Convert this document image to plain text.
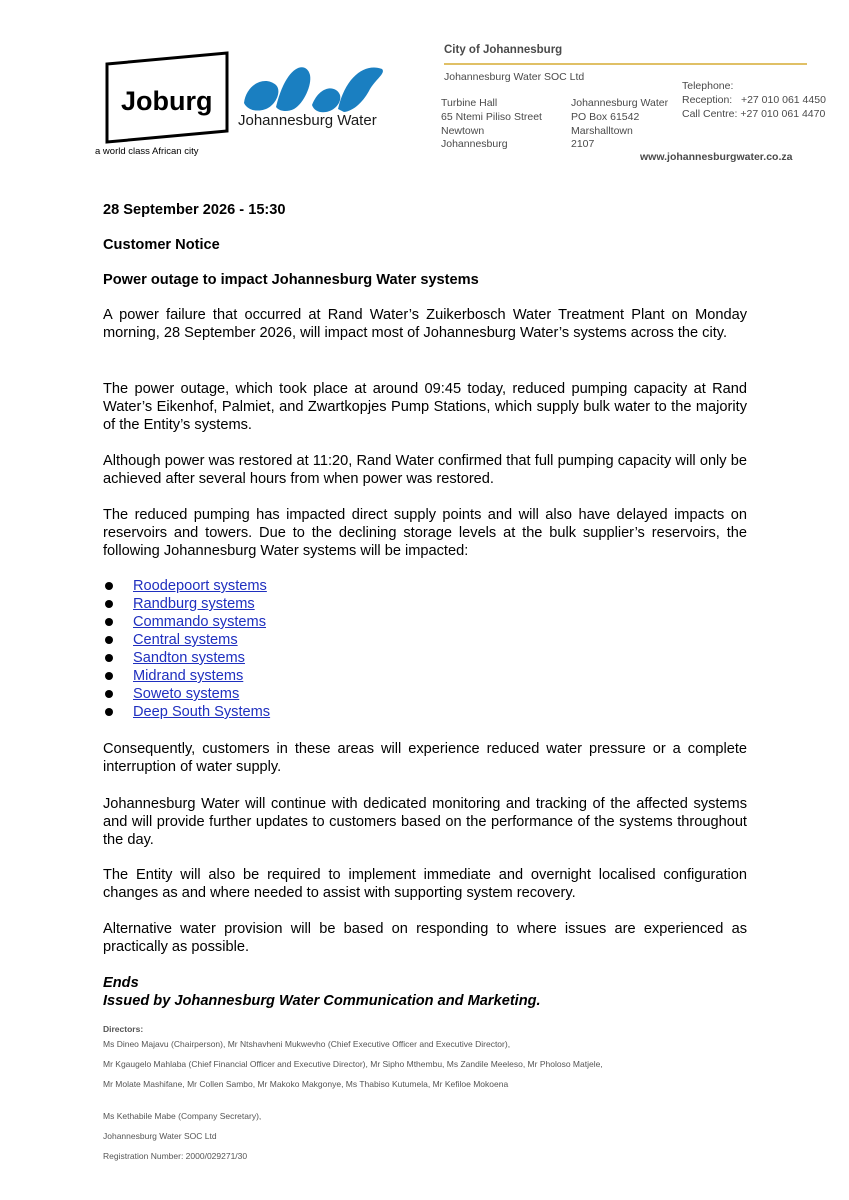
Joburg
a world class African city
Johannesburg Water
City of Johannesburg
Johannesburg Water SOC Ltd
Turbine Hall
65 Ntemi Piliso Street
Newtown
Johannesburg
Johannesburg Water
PO Box 61542
Marshalltown
2107
Telephone:
Reception:   +27 010 061 4450
Call Centre: +27 010 061 4470
www.johannesburgwater.co.za
28 September 2026 - 15:30
Customer Notice
Power outage to impact Johannesburg Water systems
A power failure that occurred at Rand Water’s Zuikerbosch Water Treatment Plant on Monday morning, 28 September 2026, will impact most of Johannesburg Water’s systems across the city.
The power outage, which took place at around 09:45 today, reduced pumping capacity at Rand Water’s Eikenhof, Palmiet, and Zwartkopjes Pump Stations, which supply bulk water to the majority of the Entity’s systems.
Although power was restored at 11:20, Rand Water confirmed that full pumping capacity will only be achieved after several hours from when power was restored.
The reduced pumping has impacted direct supply points and will also have delayed impacts on reservoirs and towers. Due to the declining storage levels at the bulk supplier’s reservoirs, the following Johannesburg Water systems will be impacted:
Roodepoort systems
Randburg systems
Commando systems
Central systems
Sandton systems
Midrand systems
Soweto systems
Deep South Systems
Consequently, customers in these areas will experience reduced water pressure or a complete interruption of water supply.
Johannesburg Water will continue with dedicated monitoring and tracking of the affected systems and will provide further updates to customers based on the performance of the systems throughout the day.
The Entity will also be required to implement immediate and overnight localised configuration changes as and where needed to assist with supporting system recovery.
Alternative water provision will be based on responding to where issues are experienced as practically as possible.
Ends
Issued by Johannesburg Water Communication and Marketing.
Directors:
Ms Dineo Majavu (Chairperson), Mr Ntshavheni Mukwevho (Chief Executive Officer and Executive Director),
Mr Kgaugelo Mahlaba (Chief Financial Officer and Executive Director), Mr Sipho Mthembu, Ms Zandile Meeleso, Mr Pholoso Matjele,
Mr Molate Mashifane, Mr Collen Sambo, Mr Makoko Makgonye, Ms Thabiso Kutumela, Mr Kefiloe Mokoena
Ms Kethabile Mabe (Company Secretary),
Johannesburg Water SOC Ltd
Registration Number: 2000/029271/30
